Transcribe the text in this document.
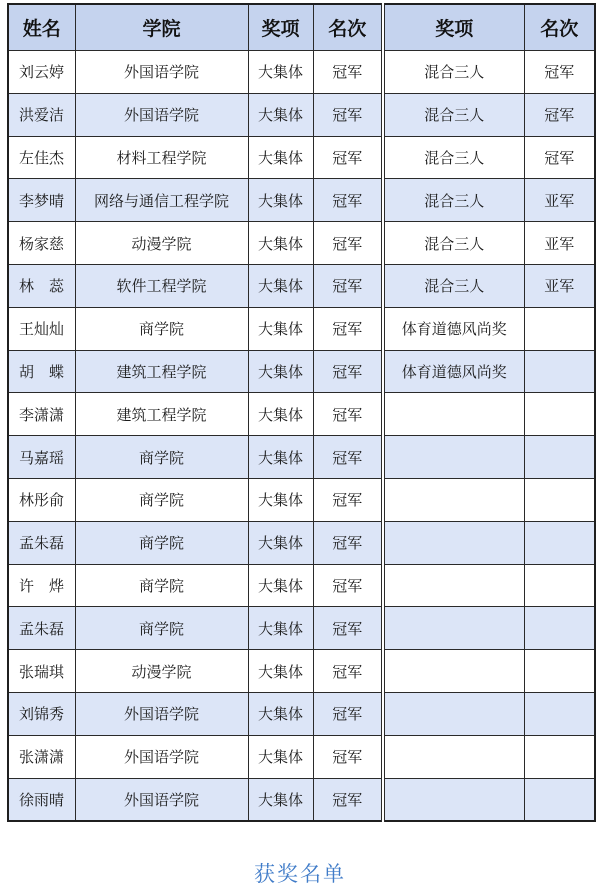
姓名	学院	奖项	名次	奖项	名次
刘云婷	外国语学院	大集体	冠军	混合三人	冠军
洪爱洁	外国语学院	大集体	冠军	混合三人	冠军
左佳杰	材料工程学院	大集体	冠军	混合三人	冠军
李梦晴	网络与通信工程学院	大集体	冠军	混合三人	亚军
杨家慈	动漫学院	大集体	冠军	混合三人	亚军
林　蕊	软件工程学院	大集体	冠军	混合三人	亚军
王灿灿	商学院	大集体	冠军	体育道德风尚奖	
胡　蝶	建筑工程学院	大集体	冠军	体育道德风尚奖	
李潇潇	建筑工程学院	大集体	冠军		
马嘉瑶	商学院	大集体	冠军		
林彤俞	商学院	大集体	冠军		
孟朱磊	商学院	大集体	冠军		
许　烨	商学院	大集体	冠军		
孟朱磊	商学院	大集体	冠军		
张瑞琪	动漫学院	大集体	冠军		
刘锦秀	外国语学院	大集体	冠军		
张潇潇	外国语学院	大集体	冠军		
徐雨晴	外国语学院	大集体	冠军		
获奖名单
